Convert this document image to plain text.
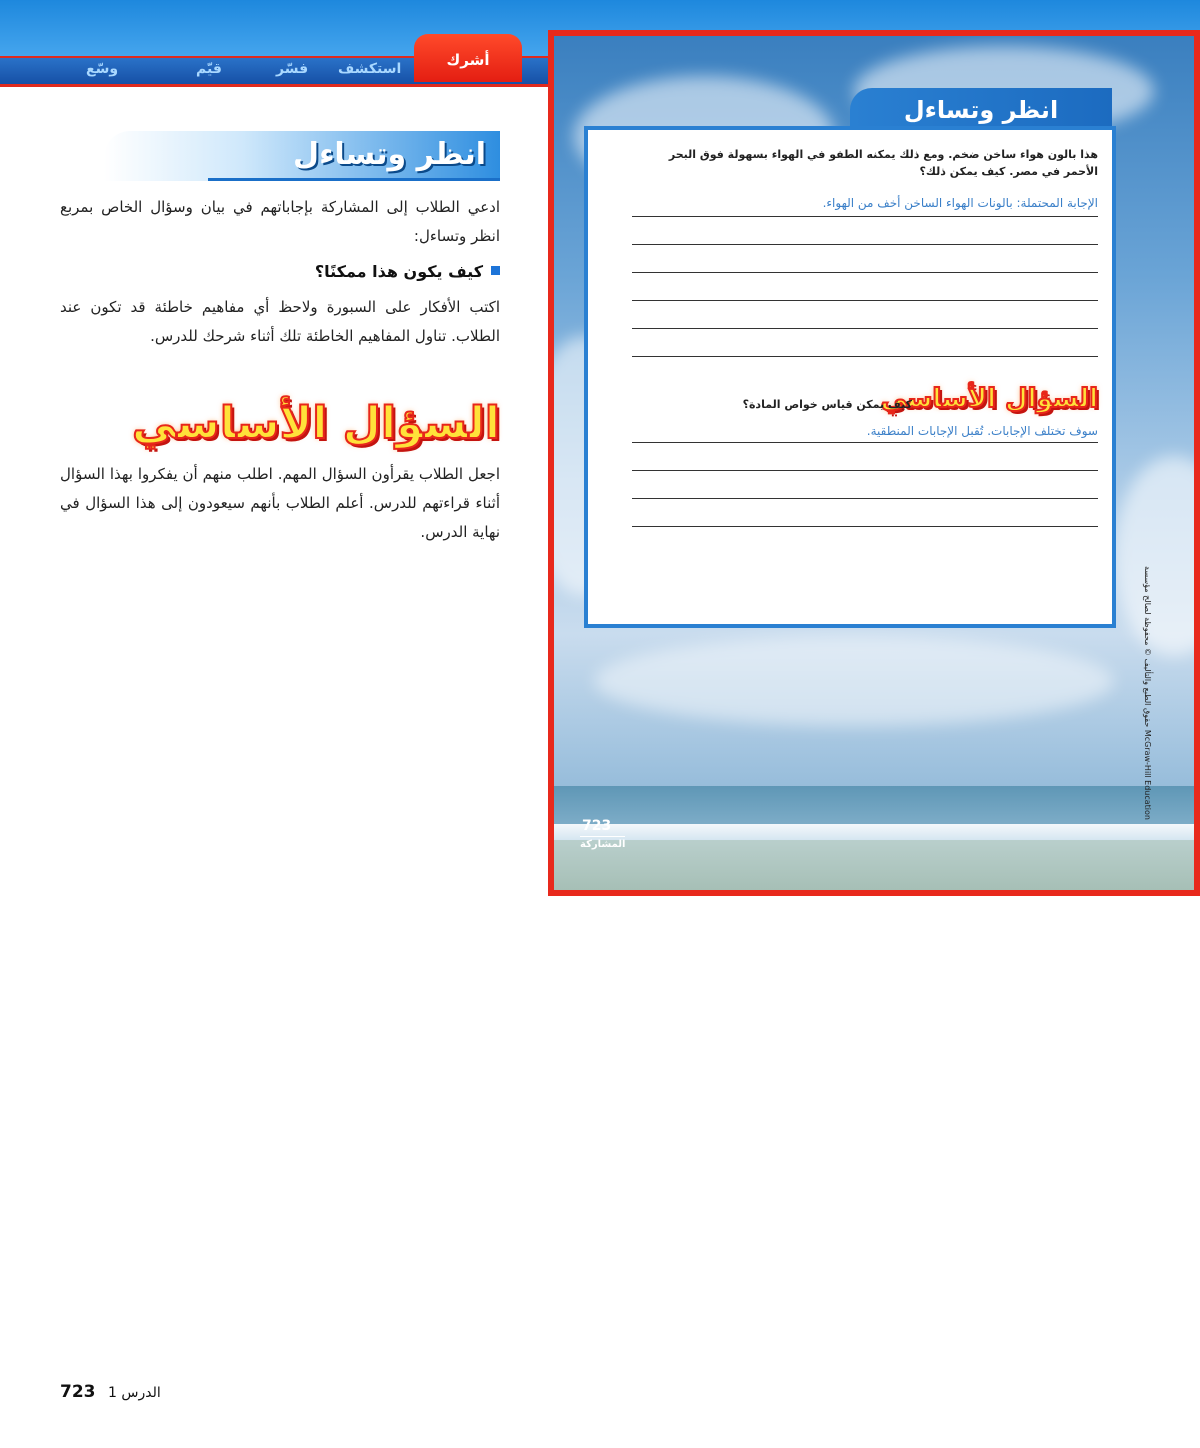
وسّع	قيّم	فسّر استكشف	أشرك
انظر وتساءل
ادعي الطلاب إلى المشاركة بإجاباتهم في بيان وسؤال الخاص بمربع انظر وتساءل:
كيف يكون هذا ممكنًا؟
اكتب الأفكار على السبورة ولاحظ أي مفاهيم خاطئة قد تكون عند الطلاب. تناول المفاهيم الخاطئة تلك أثناء شرحك للدرس.
السؤال الأساسي
اجعل الطلاب يقرأون السؤال المهم. اطلب منهم أن يفكروا بهذا السؤال أثناء قراءتهم للدرس. أعلم الطلاب بأنهم سيعودون إلى هذا السؤال في نهاية الدرس.
انظر وتساءل
هذا بالون هواء ساخن ضخم. ومع ذلك يمكنه الطفو في الهواء بسهولة فوق البحر الأحمر في مصر. كيف يمكن ذلك؟
الإجابة المحتملة: بالونات الهواء الساخن أخف من الهواء.
السؤال الأساسي
كيف يمكن قياس خواص المادة؟
سوف تختلف الإجابات. تُقبل الإجابات المنطقية.
723
المشاركة
McGraw-Hill Education حقوق الطبع والتأليف © محفوظة لصالح مؤسسة
723 الدرس 1
